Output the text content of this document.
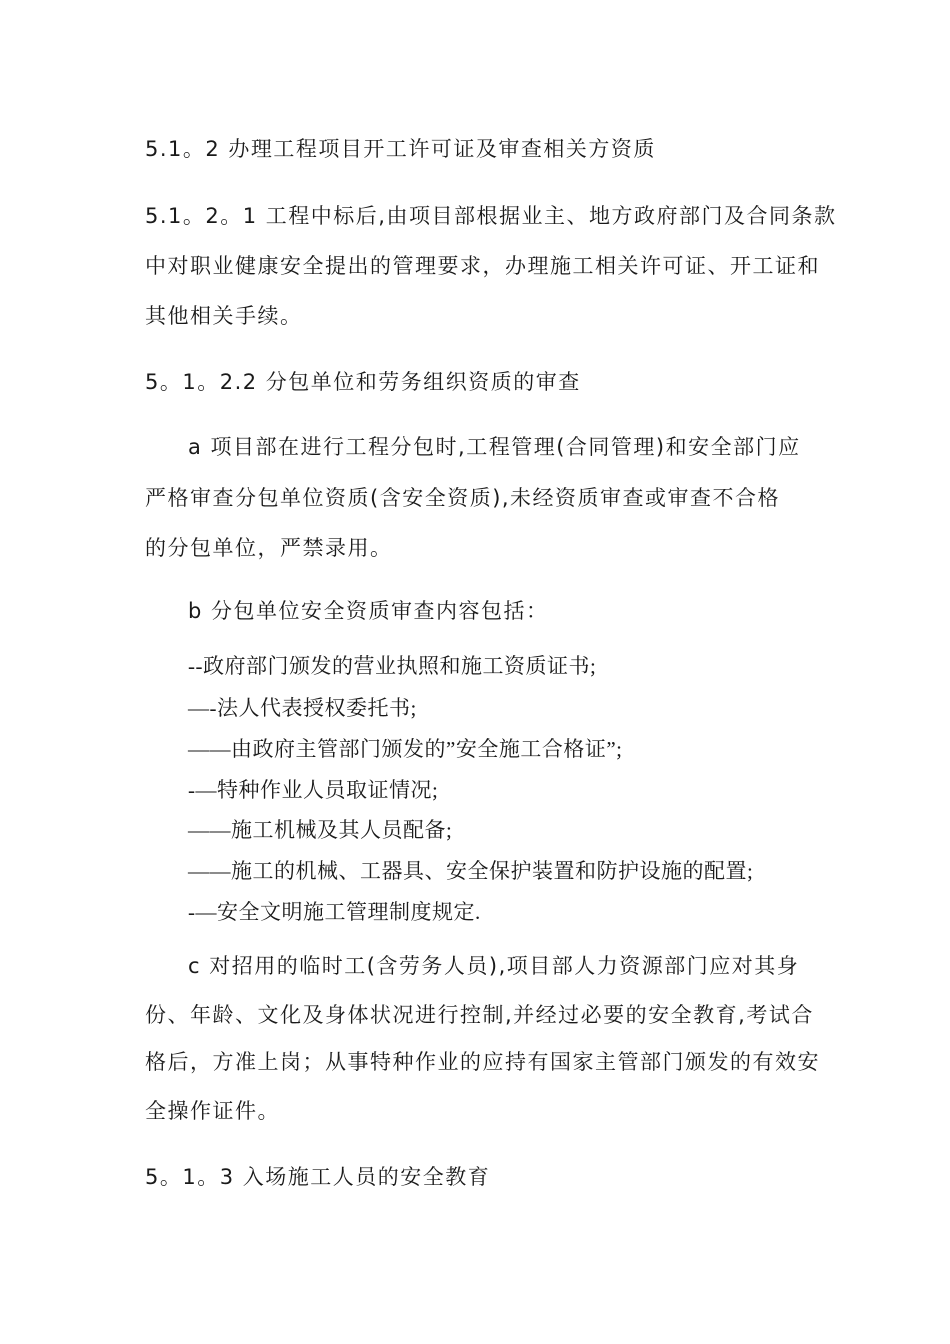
5.1。2 办理工程项目开工许可证及审查相关方资质
5.1。2。1 工程中标后,由项目部根据业主、地方政府部门及合同条款
中对职业健康安全提出的管理要求，办理施工相关许可证、开工证和
其他相关手续。
5。1。2.2 分包单位和劳务组织资质的审查
a 项目部在进行工程分包时,工程管理(合同管理)和安全部门应
严格审查分包单位资质(含安全资质),未经资质审查或审查不合格
的分包单位，严禁录用。
b 分包单位安全资质审查内容包括：
--政府部门颁发的营业执照和施工资质证书;
—-法人代表授权委托书;
——由政府主管部门颁发的”安全施工合格证”;
-—特种作业人员取证情况;
——施工机械及其人员配备;
——施工的机械、工器具、安全保护装置和防护设施的配置;
-—安全文明施工管理制度规定.
c 对招用的临时工(含劳务人员),项目部人力资源部门应对其身
份、年龄、文化及身体状况进行控制,并经过必要的安全教育,考试合
格后，方准上岗；从事特种作业的应持有国家主管部门颁发的有效安
全操作证件。
5。1。3 入场施工人员的安全教育
